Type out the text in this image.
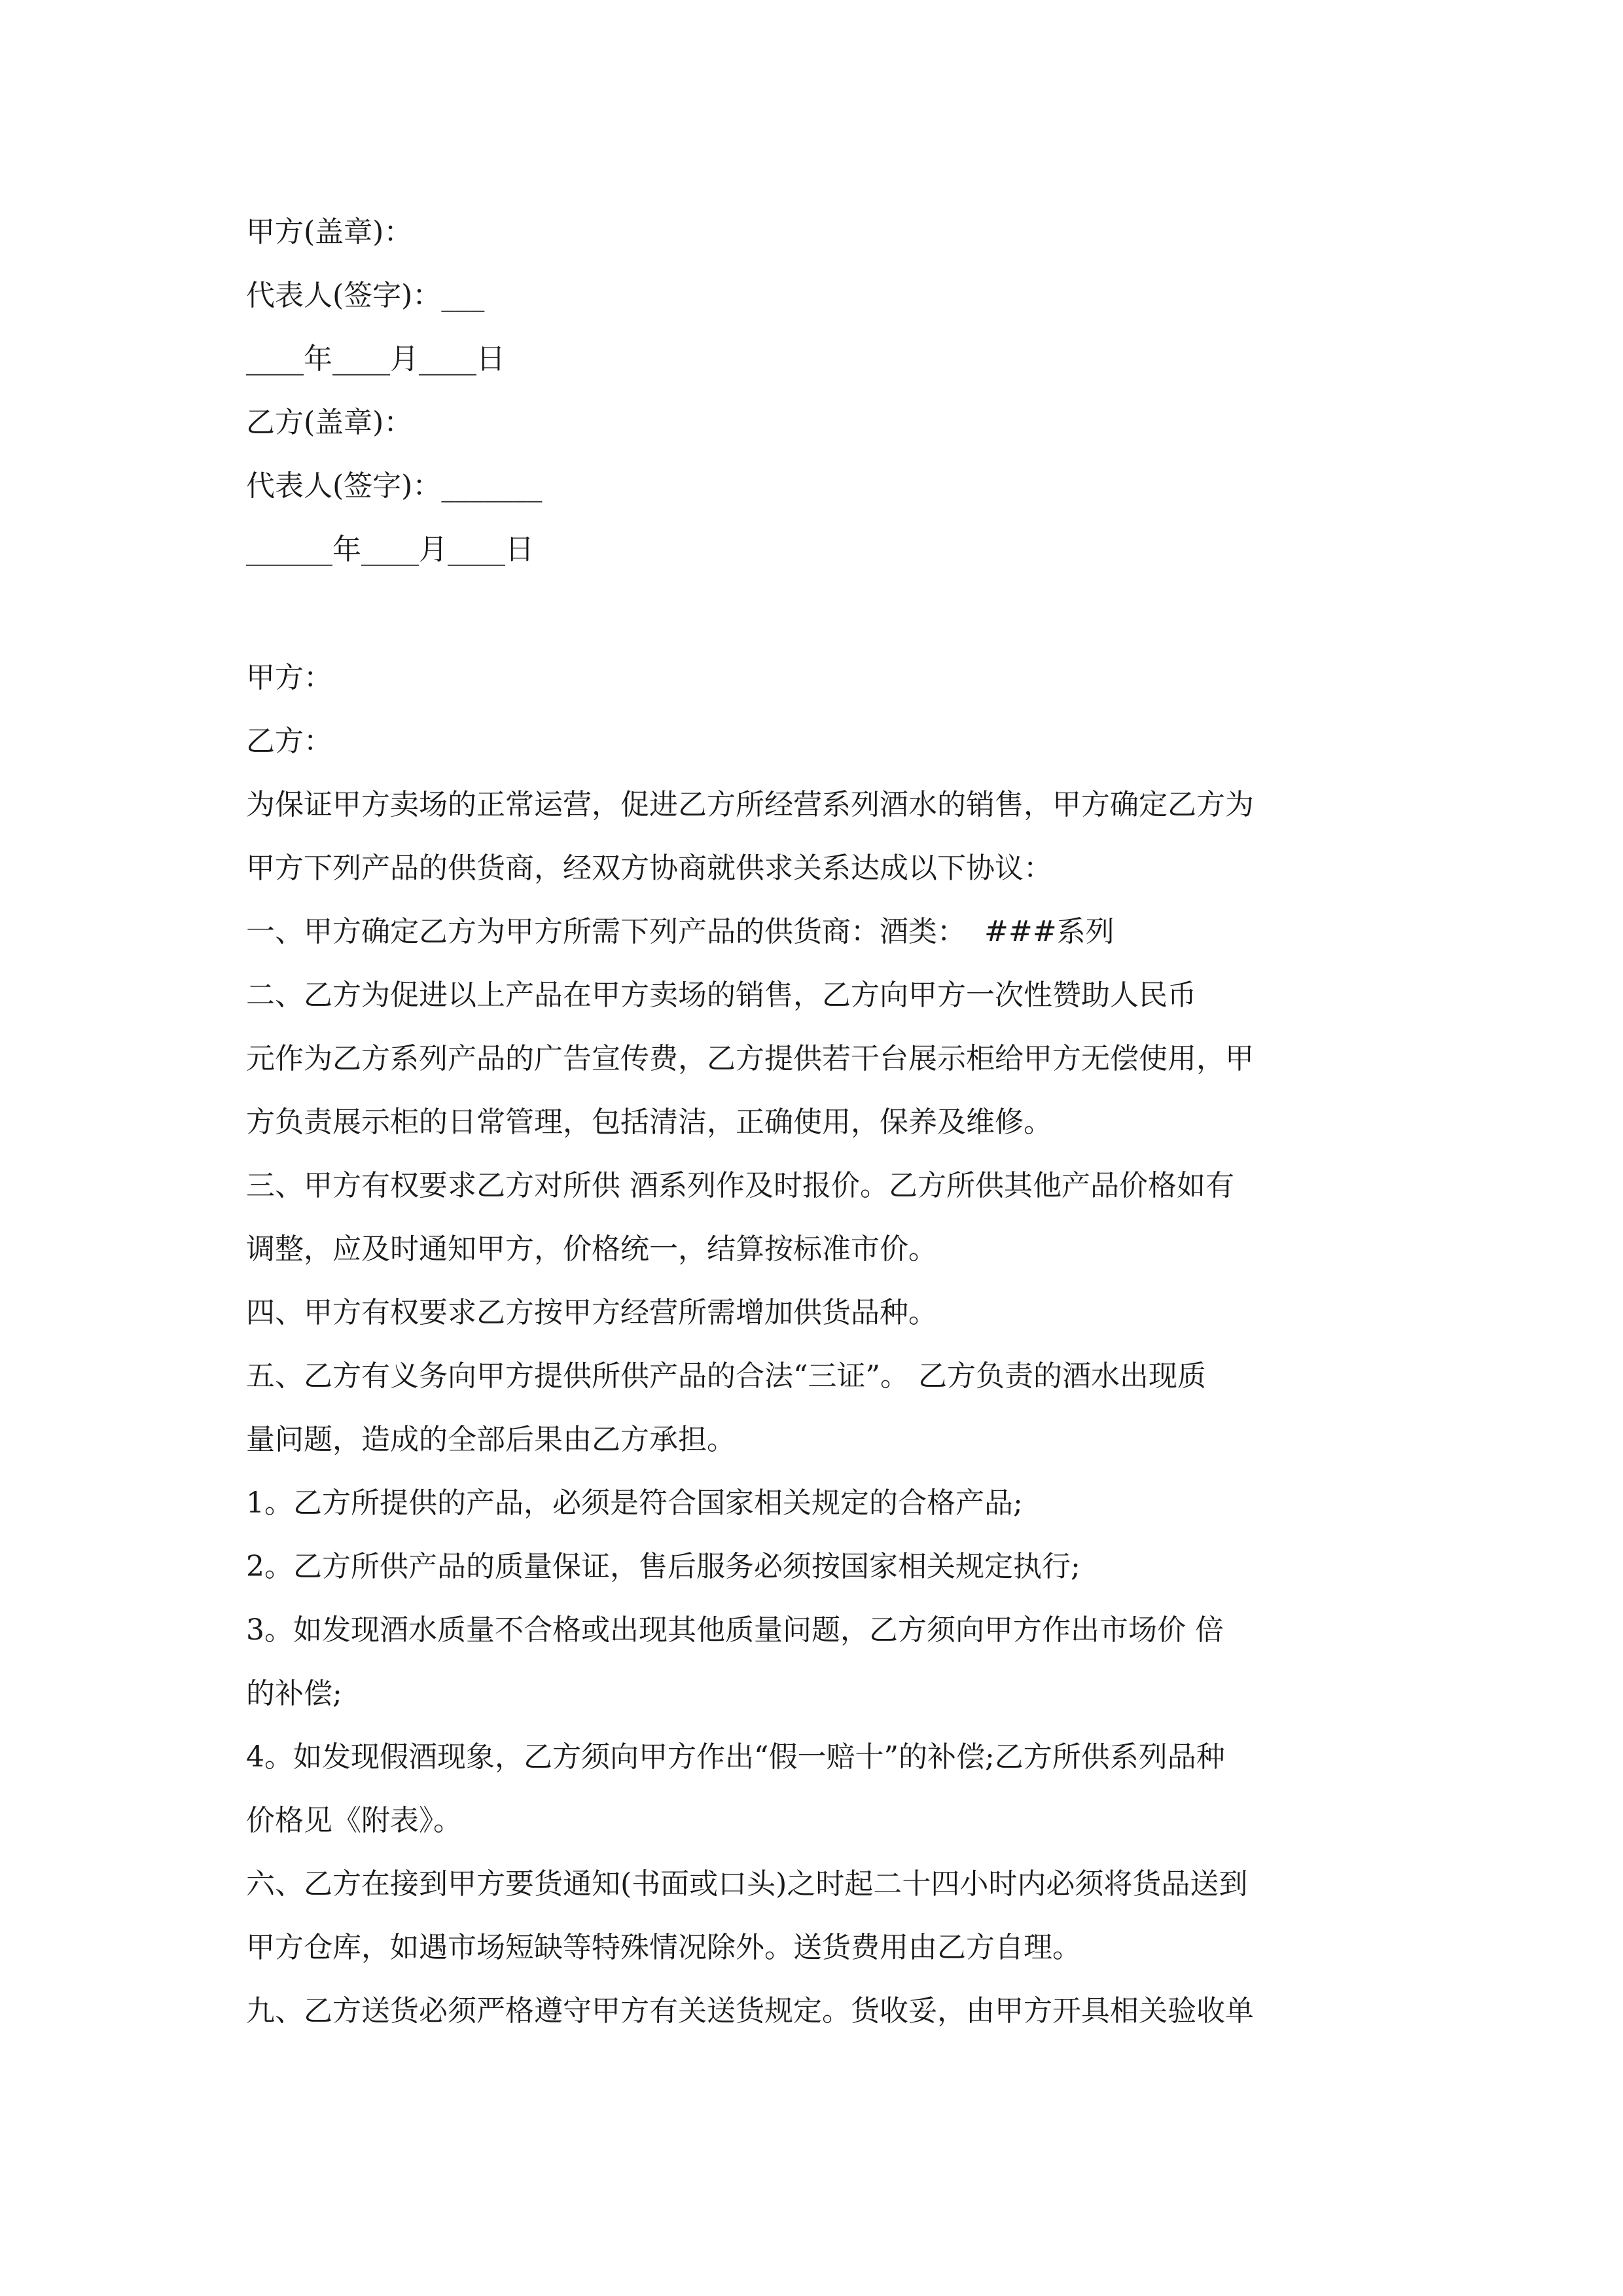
甲方(盖章)：

代表人(签字)：___

____年____月____日

乙方(盖章)：

代表人(签字)：_______

______年____月____日

甲方：

乙方：

为保证甲方卖场的正常运营，促进乙方所经营系列酒水的销售，甲方确定乙方为

甲方下列产品的供货商，经双方协商就供求关系达成以下协议：

一、甲方确定乙方为甲方所需下列产品的供货商：酒类：  ###系列

二、乙方为促进以上产品在甲方卖场的销售，乙方向甲方一次性赞助人民币

元作为乙方系列产品的广告宣传费，乙方提供若干台展示柜给甲方无偿使用，甲

方负责展示柜的日常管理，包括清洁，正确使用，保养及维修。

三、甲方有权要求乙方对所供 酒系列作及时报价。乙方所供其他产品价格如有

调整，应及时通知甲方，价格统一，结算按标准市价。

四、甲方有权要求乙方按甲方经营所需增加供货品种。

五、乙方有义务向甲方提供所供产品的合法“三证”。 乙方负责的酒水出现质

量问题，造成的全部后果由乙方承担。

1。乙方所提供的产品，必须是符合国家相关规定的合格产品;

2。乙方所供产品的质量保证，售后服务必须按国家相关规定执行;

3。如发现酒水质量不合格或出现其他质量问题，乙方须向甲方作出市场价 倍

的补偿;

4。如发现假酒现象，乙方须向甲方作出“假一赔十”的补偿;乙方所供系列品种

价格见《附表》。

六、乙方在接到甲方要货通知(书面或口头)之时起二十四小时内必须将货品送到

甲方仓库，如遇市场短缺等特殊情况除外。送货费用由乙方自理。

九、乙方送货必须严格遵守甲方有关送货规定。货收妥，由甲方开具相关验收单
